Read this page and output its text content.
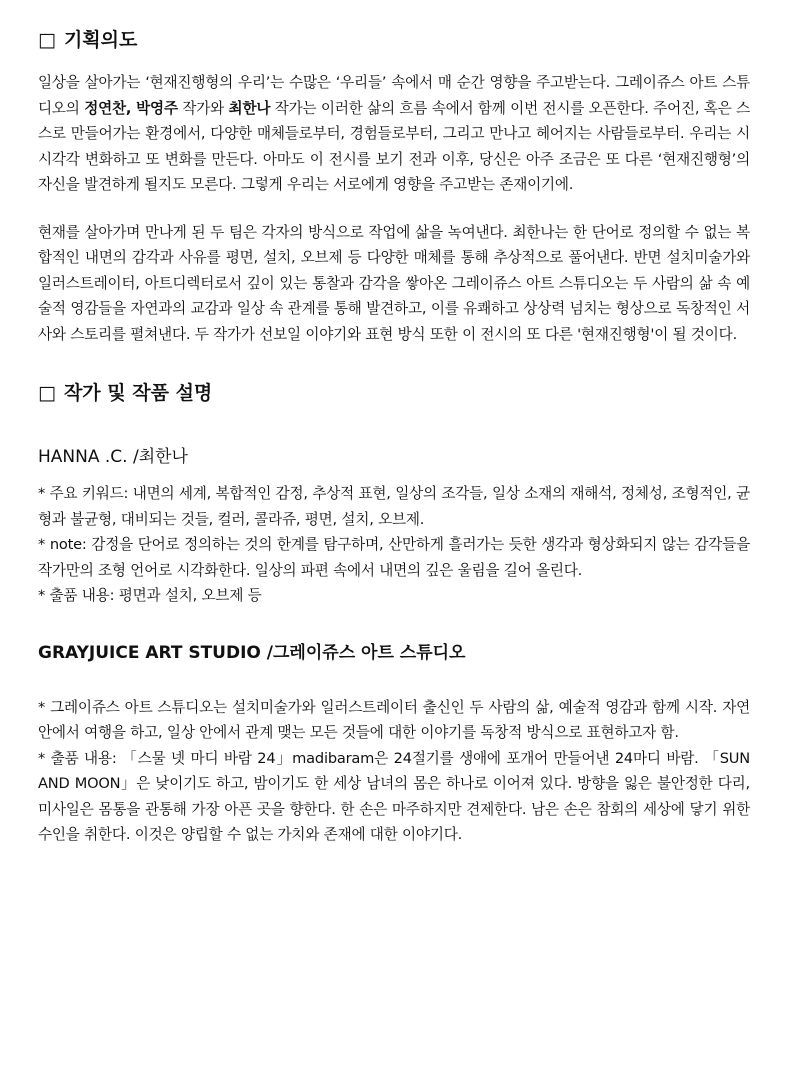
□ 기획의도

일상을 살아가는 ‘현재진행형의 우리’는 수많은 ‘우리들’ 속에서 매 순간 영향을 주고받는다. 그레이쥬스 아트 스튜디오의 정연찬, 박영주 작가와 최한나 작가는 이러한 삶의 흐름 속에서 함께 이번 전시를 오픈한다. 주어진, 혹은 스스로 만들어가는 환경에서, 다양한 매체들로부터, 경험들로부터, 그리고 만나고 헤어지는 사람들로부터. 우리는 시시각각 변화하고 또 변화를 만든다. 아마도 이 전시를 보기 전과 이후, 당신은 아주 조금은 또 다른 ‘현재진행형’의 자신을 발견하게 될지도 모른다. 그렇게 우리는 서로에게 영향을 주고받는 존재이기에.

현재를 살아가며 만나게 된 두 팀은 각자의 방식으로 작업에 삶을 녹여낸다. 최한나는 한 단어로 정의할 수 없는 복합적인 내면의 감각과 사유를 평면, 설치, 오브제 등 다양한 매체를 통해 추상적으로 풀어낸다. 반면 설치미술가와 일러스트레이터, 아트디렉터로서 깊이 있는 통찰과 감각을 쌓아온 그레이쥬스 아트 스튜디오는 두 사람의 삶 속 예술적 영감들을 자연과의 교감과 일상 속 관계를 통해 발견하고, 이를 유쾌하고 상상력 넘치는 형상으로 독창적인 서사와 스토리를 펼쳐낸다. 두 작가가 선보일 이야기와 표현 방식 또한 이 전시의 또 다른 '현재진행형'이 될 것이다.

□ 작가 및 작품 설명
HANNA .C. /최한나

* 주요 키워드: 내면의 세계, 복합적인 감정, 추상적 표현, 일상의 조각들, 일상 소재의 재해석, 정체성, 조형적인, 균형과 불균형, 대비되는 것들, 컬러, 콜라쥬, 평면, 설치, 오브제.

* note: 감정을 단어로 정의하는 것의 한계를 탐구하며, 산만하게 흘러가는 듯한 생각과 형상화되지 않는 감각들을 작가만의 조형 언어로 시각화한다. 일상의 파편 속에서 내면의 깊은 울림을 길어 올린다.

* 출품 내용: 평면과 설치, 오브제 등

GRAYJUICE ART STUDIO /그레이쥬스 아트 스튜디오

* 그레이쥬스 아트 스튜디오는 설치미술가와 일러스트레이터 출신인 두 사람의 삶, 예술적 영감과 함께 시작. 자연 안에서 여행을 하고, 일상 안에서 관계 맺는 모든 것들에 대한 이야기를 독창적 방식으로 표현하고자 함.

* 출품 내용: 「스물 넷 마디 바람 24」madibaram은 24절기를 생애에 포개어 만들어낸 24마디 바람. 「SUN AND MOON」은 낮이기도 하고, 밤이기도 한 세상 남녀의 몸은 하나로 이어져 있다. 방향을 잃은 불안정한 다리, 미사일은 몸통을 관통해 가장 아픈 곳을 향한다. 한 손은 마주하지만 견제한다. 남은 손은 참회의 세상에 닿기 위한 수인을 취한다. 이것은 양립할 수 없는 가치와 존재에 대한 이야기다.
